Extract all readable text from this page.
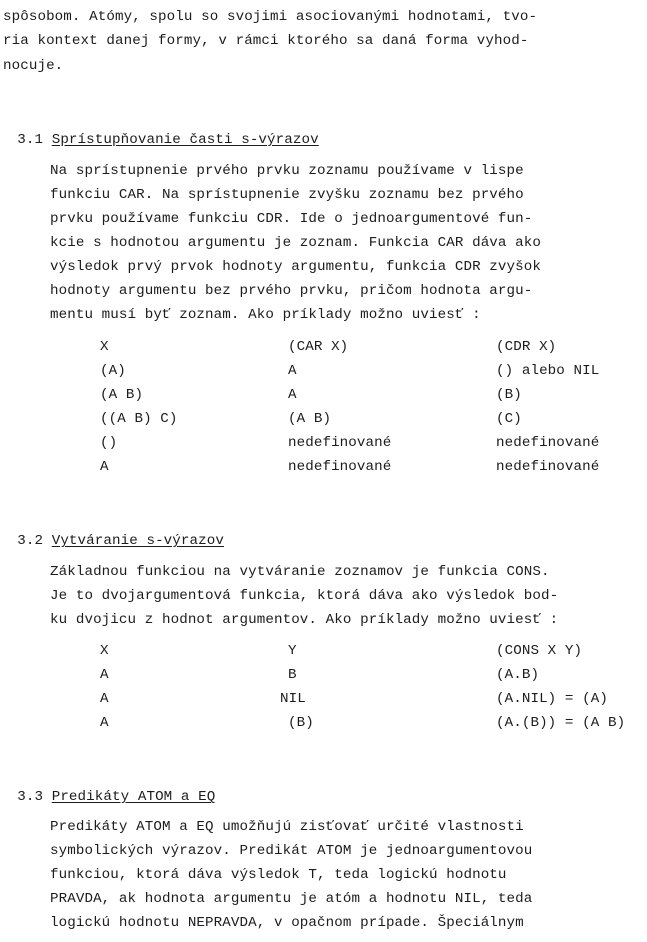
spôsobom. Atómy, spolu so svojimi asociovanými hodnotami, tvo-
ria kontext danej formy, v rámci ktorého sa daná forma vyhod-
nocuje.

3.1 Sprístupňovanie časti s-výrazov

Na sprístupnenie prvého prvku zoznamu používame v lispe
funkciu CAR. Na sprístupnenie zvyšku zoznamu bez prvého
prvku používame funkciu CDR. Ide o jednoargumentové fun-
kcie s hodnotou argumentu je zoznam. Funkcia CAR dáva ako
výsledok prvý prvok hodnoty argumentu, funkcia CDR zvyšok
hodnoty argumentu bez prvého prvku, pričom hodnota argu-
mentu musí byť zoznam. Ako príklady možno uviesť :
X	(CAR X)	(CDR X)
(A)	A	() alebo NIL
(A B)	A	(B)
((A B) C)	(A B)	(C)
()	nedefinované	nedefinované
A	nedefinované	nedefinované

3.2 Vytváranie s-výrazov

Základnou funkciou na vytváranie zoznamov je funkcia CONS.
Je to dvojargumentová funkcia, ktorá dáva ako výsledok bod-
ku dvojicu z hodnot argumentov. Ako príklady možno uviesť :
X	Y	(CONS X Y)
A	B	(A.B)
A	NIL	(A.NIL) = (A)
A	(B)	(A.(B)) = (A B)

3.3 Predikáty ATOM a EQ

Predikáty ATOM a EQ umožňujú zisťovať určité vlastnosti
symbolických výrazov. Predikát ATOM je jednoargumentovou
funkciou, ktorá dáva výsledok T, teda logickú hodnotu
PRAVDA, ak hodnota argumentu je atóm a hodnotu NIL, teda
logickú hodnotu NEPRAVDA, v opačnom prípade. Špeciálnym
